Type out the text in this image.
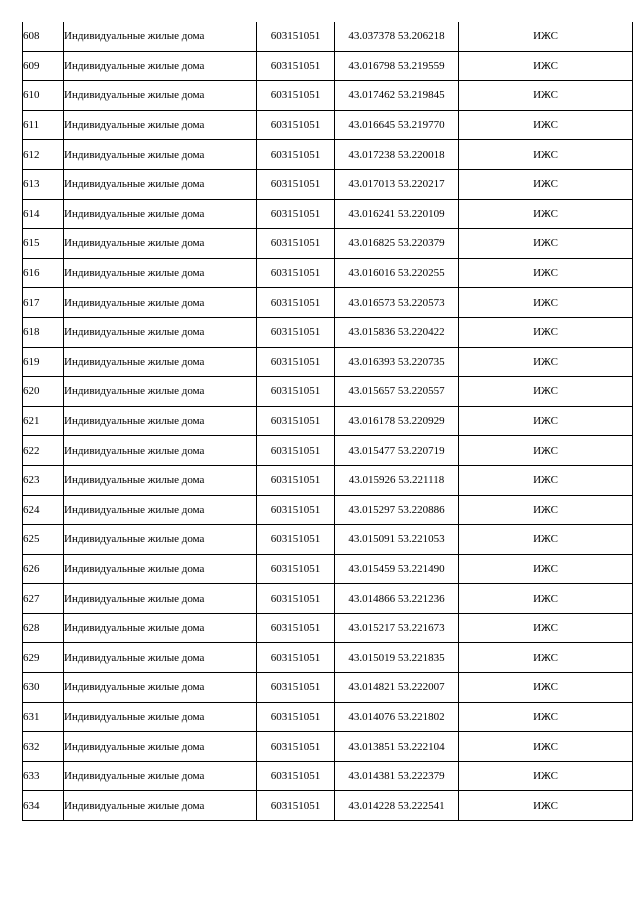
608	Индивидуальные жилые дома	603151051	43.037378 53.206218	ИЖС
609	Индивидуальные жилые дома	603151051	43.016798 53.219559	ИЖС
610	Индивидуальные жилые дома	603151051	43.017462 53.219845	ИЖС
611	Индивидуальные жилые дома	603151051	43.016645 53.219770	ИЖС
612	Индивидуальные жилые дома	603151051	43.017238 53.220018	ИЖС
613	Индивидуальные жилые дома	603151051	43.017013 53.220217	ИЖС
614	Индивидуальные жилые дома	603151051	43.016241 53.220109	ИЖС
615	Индивидуальные жилые дома	603151051	43.016825 53.220379	ИЖС
616	Индивидуальные жилые дома	603151051	43.016016 53.220255	ИЖС
617	Индивидуальные жилые дома	603151051	43.016573 53.220573	ИЖС
618	Индивидуальные жилые дома	603151051	43.015836 53.220422	ИЖС
619	Индивидуальные жилые дома	603151051	43.016393 53.220735	ИЖС
620	Индивидуальные жилые дома	603151051	43.015657 53.220557	ИЖС
621	Индивидуальные жилые дома	603151051	43.016178 53.220929	ИЖС
622	Индивидуальные жилые дома	603151051	43.015477 53.220719	ИЖС
623	Индивидуальные жилые дома	603151051	43.015926 53.221118	ИЖС
624	Индивидуальные жилые дома	603151051	43.015297 53.220886	ИЖС
625	Индивидуальные жилые дома	603151051	43.015091 53.221053	ИЖС
626	Индивидуальные жилые дома	603151051	43.015459 53.221490	ИЖС
627	Индивидуальные жилые дома	603151051	43.014866 53.221236	ИЖС
628	Индивидуальные жилые дома	603151051	43.015217 53.221673	ИЖС
629	Индивидуальные жилые дома	603151051	43.015019 53.221835	ИЖС
630	Индивидуальные жилые дома	603151051	43.014821 53.222007	ИЖС
631	Индивидуальные жилые дома	603151051	43.014076 53.221802	ИЖС
632	Индивидуальные жилые дома	603151051	43.013851 53.222104	ИЖС
633	Индивидуальные жилые дома	603151051	43.014381 53.222379	ИЖС
634	Индивидуальные жилые дома	603151051	43.014228 53.222541	ИЖС
